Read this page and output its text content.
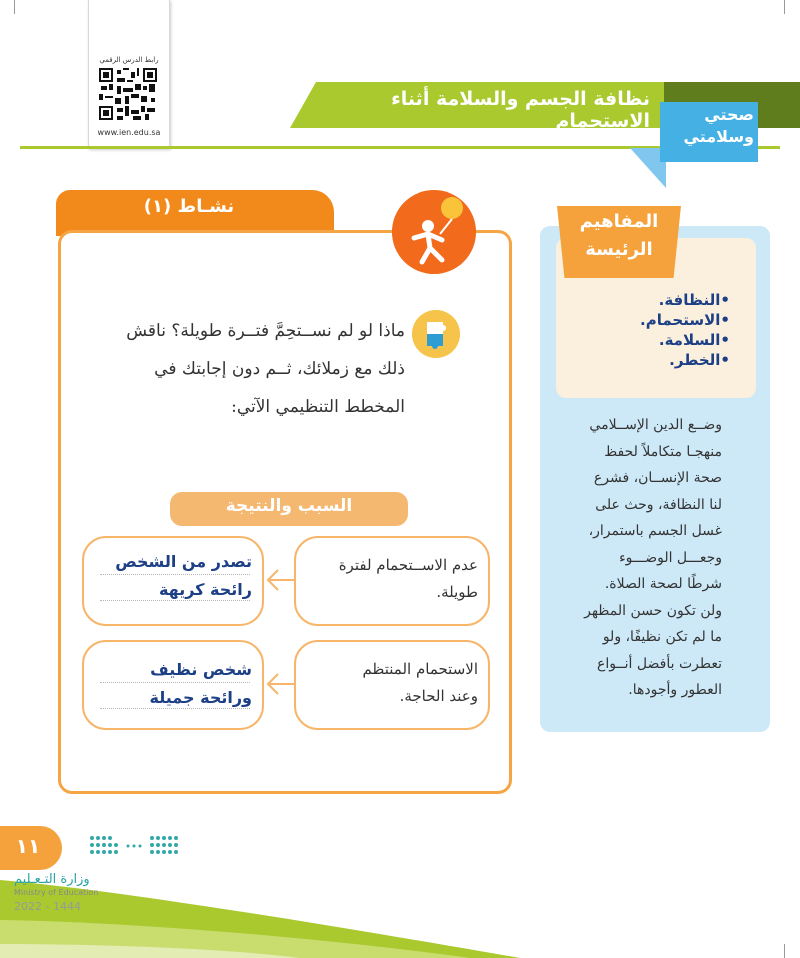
رابط الدرس الرقمي
www.ien.edu.sa
نظافة الجسم والسلامة أثناء الاستحمام	صحتي
وسلامتي
نشـاط (١)
ماذا لو لم نســتحِمَّ فتــرة طويلة؟ ناقش
ذلك مع زملائك، ثــم دون إجابتك في
المخطط التنظيمي الآتي:
السبب والنتيجة
عدم الاســتحمام لفترة
طويلة.
تصدر من الشخص
رائحة كريهة
الاستحمام المنتظم
وعند الحاجة.
شخص نظيف
ورائحة جميلة
المفاهيم
الرئيسة
•النظافة.
•الاستحمام.
•السلامة.
•الخطر.
وضــع الدين الإســلامي
منهجـا متكاملاً لحفظ
صحة الإنســان، فشرع
لنا النظافة، وحث على
غسل الجسم باستمرار،
وجعـــل الوضـــوء
شرطًا لصحة الصلاة.
ولن تكون حسن المظهر
ما لم تكن نظيفًا، ولو
تعطرت بأفضل أنــواع
العطور وأجودها.
١١
وزارة التـعـليم
Ministry of Education
2022 - 1444
